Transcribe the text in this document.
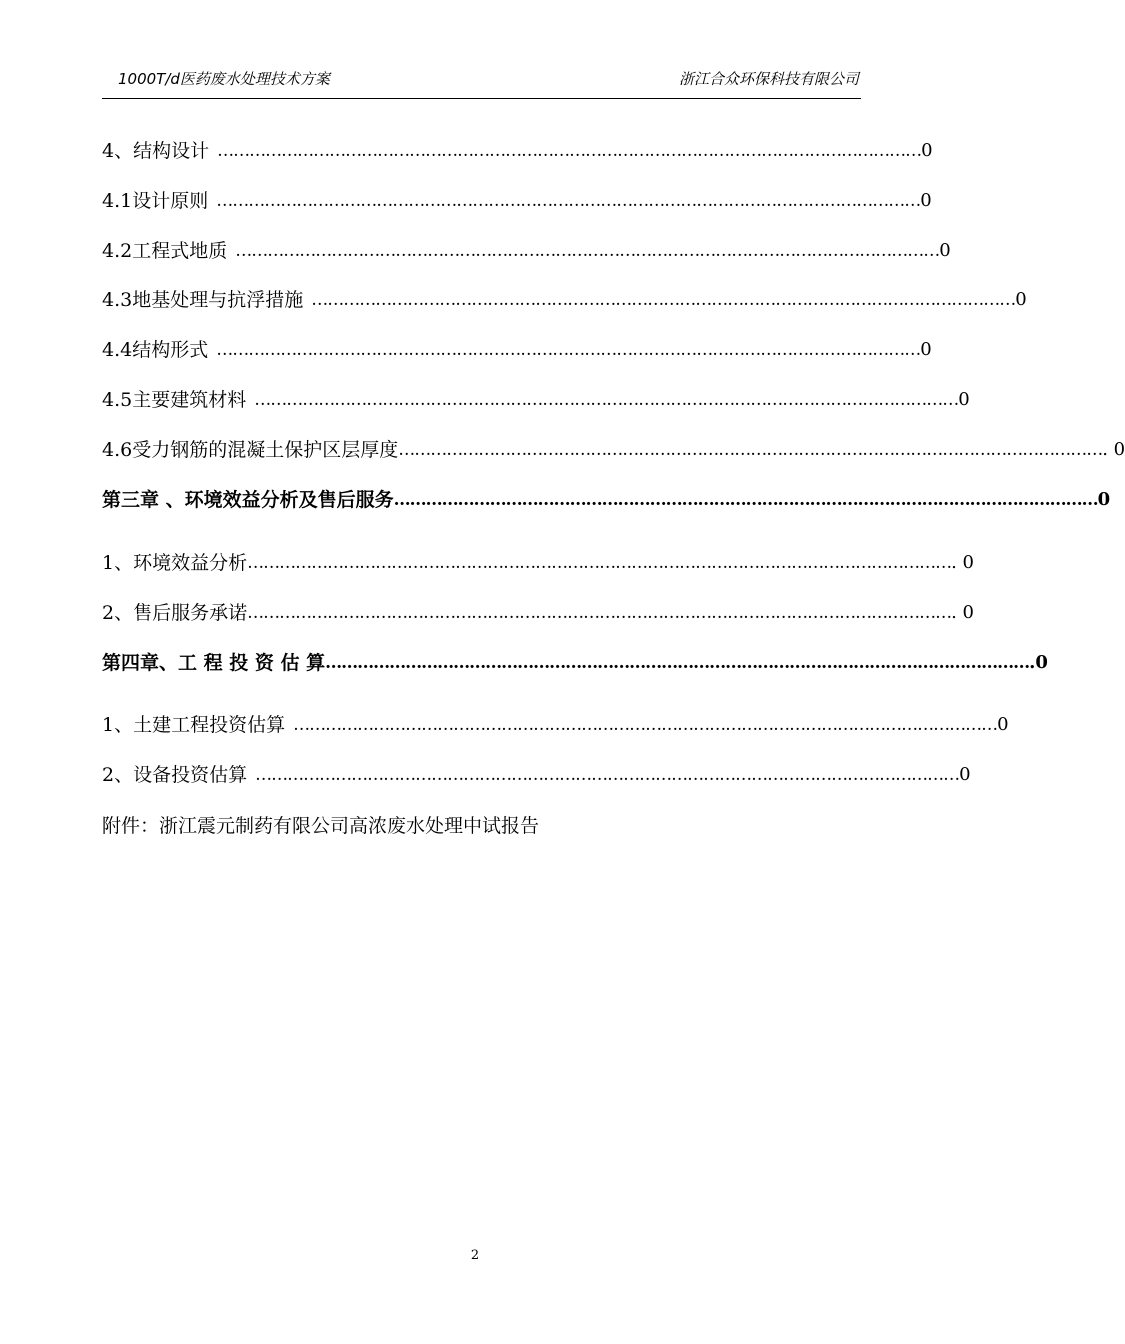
1000T/d医药废水处理技术方案	浙江合众环保科技有限公司
4、结构设计 …………………………………………………………………………………………………………………… 0
4.1设计原则 …………………………………………………………………………………………………………………… 0
4.2工程式地质 …………………………………………………………………………………………………………………… 0
4.3地基处理与抗浮措施 …………………………………………………………………………………………………………………… 0
4.4结构形式 …………………………………………………………………………………………………………………… 0
4.5主要建筑材料 …………………………………………………………………………………………………………………… 0
4.6受力钢筋的混凝土保护区层厚度 …………………………………………………………………………………………………………………… . 0
第三章 、环境效益分析及售后服务 …………………………………………………………………………………………………………………… 0
1、环境效益分析 …………………………………………………………………………………………………………………… . 0
2、售后服务承诺 …………………………………………………………………………………………………………………… . 0
第四章、工 程 投 资 估 算 …………………………………………………………………………………………………………………… .0
1、土建工程投资估算 …………………………………………………………………………………………………………………… 0
2、设备投资估算 …………………………………………………………………………………………………………………… 0
附件：浙江震元制药有限公司高浓废水处理中试报告
2
